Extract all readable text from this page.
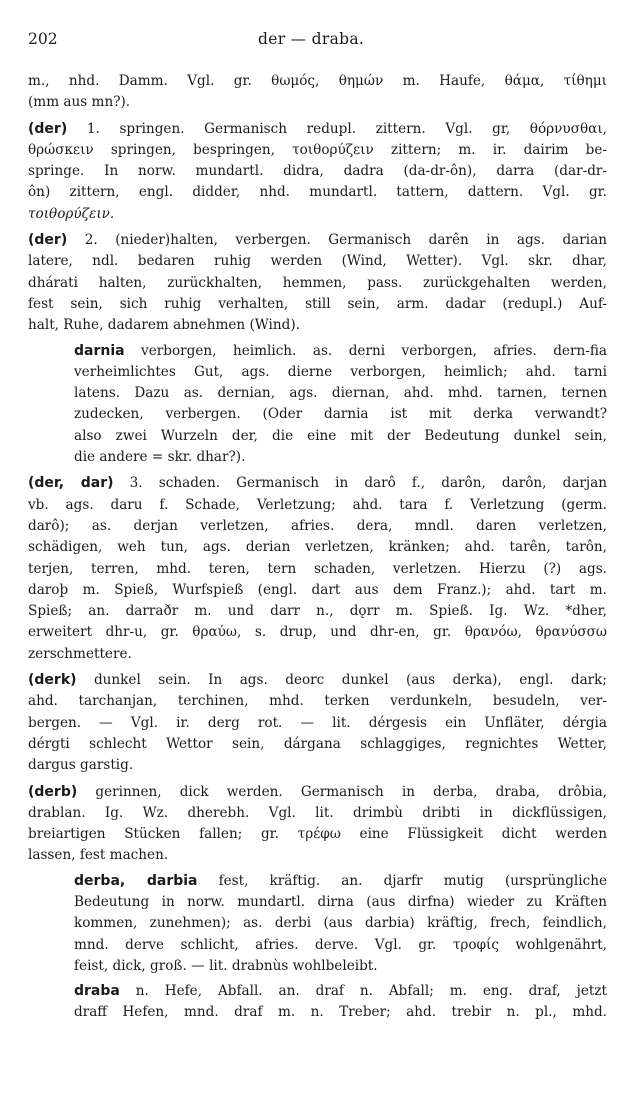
202	der — draba.
m., nhd. Damm. Vgl. gr. θωμός, θημών m. Haufe, θάμα, τίθημι
(mm aus mn?).
(der) 1. springen. Germanisch redupl. zittern. Vgl. gr, θόρνυσθαι,
θρώσκειν springen, bespringen, τοιθορύζειν zittern; m. ir. dairim be-
springe. In norw. mundartl. didra, dadra (da-dr-ôn), darra (dar-dr-
ôn) zittern, engl. didder, nhd. mundartl. tattern, dattern. Vgl. gr.
τοιθορύζειν.
(der) 2. (nieder)halten, verbergen. Germanisch darên in ags. darian
latere, ndl. bedaren ruhig werden (Wind, Wetter). Vgl. skr. dhar,
dhárati halten, zurückhalten, hemmen, pass. zurückgehalten werden,
fest sein, sich ruhig verhalten, still sein, arm. dadar (redupl.) Auf-
halt, Ruhe, dadarem abnehmen (Wind).
darnia verborgen, heimlich. as. derni verborgen, afries. dern-fia
verheimlichtes Gut, ags. dierne verborgen, heimlich; ahd. tarni
latens. Dazu as. dernian, ags. diernan, ahd. mhd. tarnen, ternen
zudecken, verbergen. (Oder darnia ist mit derka verwandt?
also zwei Wurzeln der, die eine mit der Bedeutung dunkel sein,
die andere = skr. dhar?).
(der, dar) 3. schaden. Germanisch in darô f., darôn, darôn, darjan
vb. ags. daru f. Schade, Verletzung; ahd. tara f. Verletzung (germ.
darô); as. derjan verletzen, afries. dera, mndl. daren verletzen,
schädigen, weh tun, ags. derian verletzen, kränken; ahd. tarên, tarôn,
terjen, terren, mhd. teren, tern schaden, verletzen. Hierzu (?) ags.
daroþ m. Spieß, Wurfspieß (engl. dart aus dem Franz.); ahd. tart m.
Spieß; an. darraðr m. und darr n., dǫrr m. Spieß. Ig. Wz. *dher,
erweitert dhr-u, gr. θραύω, s. drup, und dhr-en, gr. θρανόω, θρανύσσω
zerschmettere.
(derk) dunkel sein. In ags. deorc dunkel (aus derka), engl. dark;
ahd. tarchanjan, terchinen, mhd. terken verdunkeln, besudeln, ver-
bergen. — Vgl. ir. derg rot. — lit. dérgesis ein Unfläter, dérgia
dérgti schlecht Wettor sein, dárgana schlaggiges, regnichtes Wetter,
dargus garstig.
(derb) gerinnen, dick werden. Germanisch in derba, draba, drôbia,
drablan. Ig. Wz. dherebh. Vgl. lit. drimbù dribti in dickflüssigen,
breiartigen Stücken fallen; gr. τρέφω eine Flüssigkeit dicht werden
lassen, fest machen.
derba, darbia fest, kräftig. an. djarfr mutig (ursprüngliche
Bedeutung in norw. mundartl. dirna (aus dirfna) wieder zu Kräften
kommen, zunehmen); as. derbi (aus darbia) kräftig, frech, feindlich,
mnd. derve schlicht, afries. derve. Vgl. gr. τροφίς wohlgenährt,
feist, dick, groß. — lit. drabnùs wohlbeleibt.
draba n. Hefe, Abfall. an. draf n. Abfall; m. eng. draf, jetzt
draff Hefen, mnd. draf m. n. Treber; ahd. trebir n. pl., mhd.
